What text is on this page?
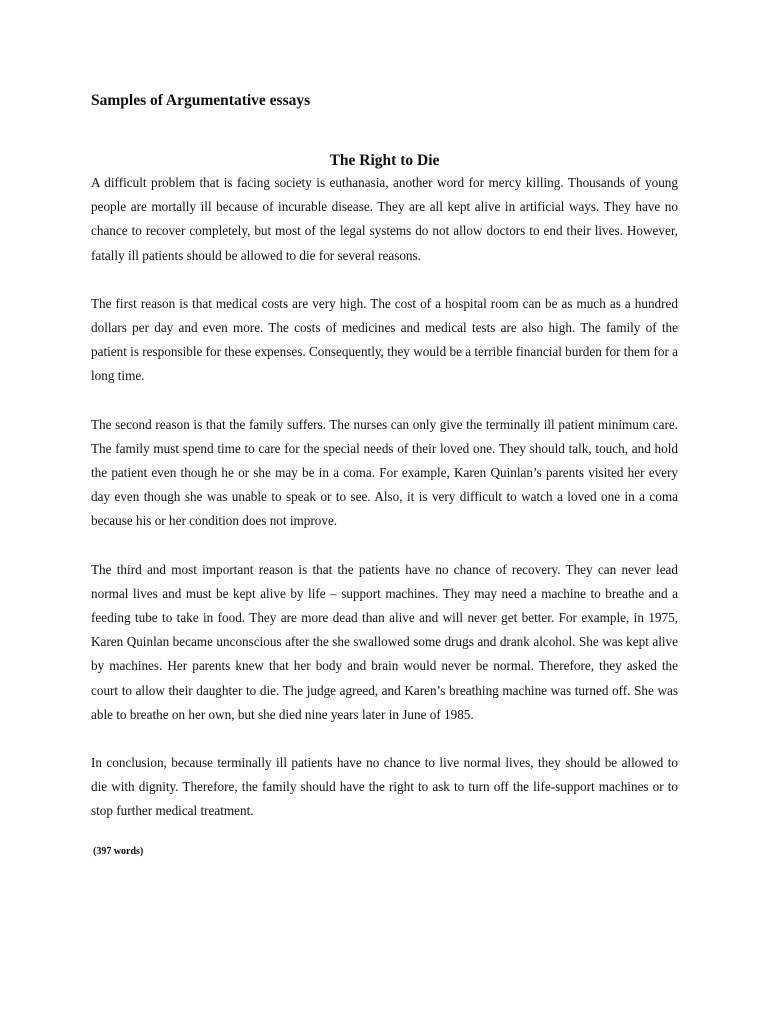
Samples of Argumentative essays
The Right to Die

A difficult problem that is facing society is euthanasia, another word for mercy killing. Thousands of young people are mortally ill because of incurable disease. They are all kept alive in artificial ways. They have no chance to recover completely, but most of the legal systems do not allow doctors to end their lives. However, fatally ill patients should be allowed to die for several reasons.

The first reason is that medical costs are very high. The cost of a hospital room can be as much as a hundred dollars per day and even more. The costs of medicines and medical tests are also high. The family of the patient is responsible for these expenses. Consequently, they would be a terrible financial burden for them for a long time.

The second reason is that the family suffers. The nurses can only give the terminally ill patient minimum care. The family must spend time to care for the special needs of their loved one. They should talk, touch, and hold the patient even though he or she may be in a coma. For example, Karen Quinlan’s parents visited her every day even though she was unable to speak or to see. Also, it is very difficult to watch a loved one in a coma because his or her condition does not improve.

The third and most important reason is that the patients have no chance of recovery. They can never lead normal lives and must be kept alive by life – support machines. They may need a machine to breathe and a feeding tube to take in food. They are more dead than alive and will never get better. For example, in 1975, Karen Quinlan became unconscious after the she swallowed some drugs and drank alcohol. She was kept alive by machines. Her parents knew that her body and brain would never be normal. Therefore, they asked the court to allow their daughter to die. The judge agreed, and Karen’s breathing machine was turned off. She was able to breathe on her own, but she died nine years later in June of 1985.

In conclusion, because terminally ill patients have no chance to live normal lives, they should be allowed to die with dignity. Therefore, the family should have the right to ask to turn off the life-support machines or to stop further medical treatment.

(397 words)
